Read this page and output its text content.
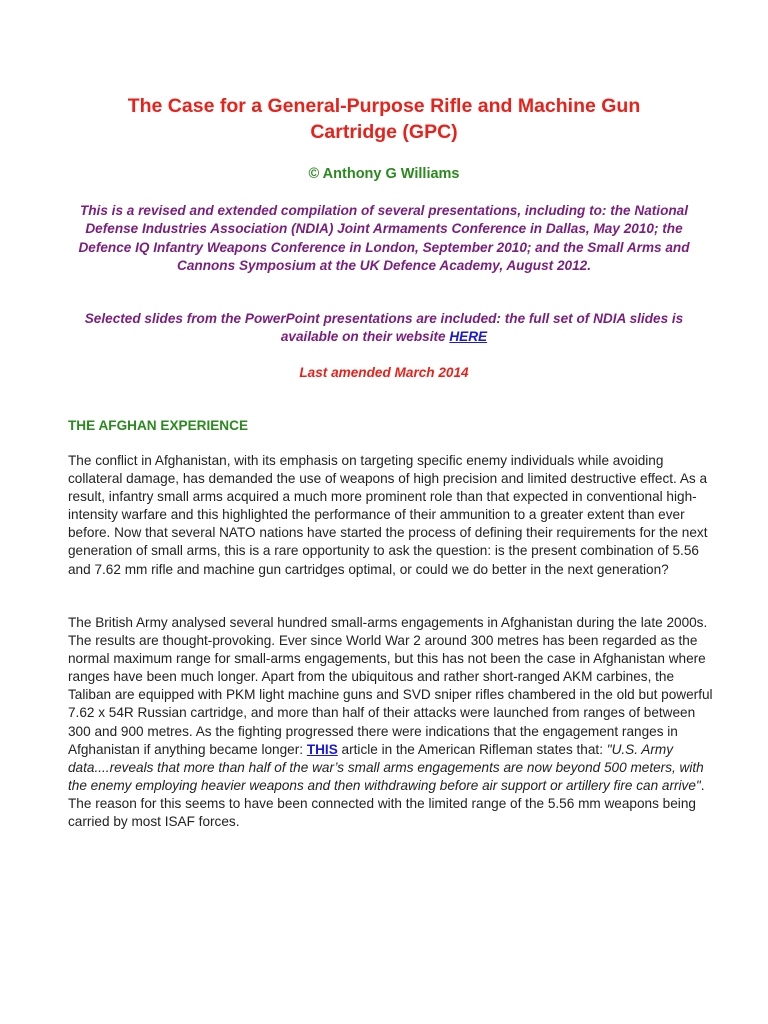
The Case for a General-Purpose Rifle and Machine Gun
Cartridge (GPC)
© Anthony G Williams

This is a revised and extended compilation of several presentations, including to: the National Defense Industries Association (NDIA) Joint Armaments Conference in Dallas, May 2010; the Defence IQ Infantry Weapons Conference in London, September 2010; and the Small Arms and Cannons Symposium at the UK Defence Academy, August 2012.

Selected slides from the PowerPoint presentations are included: the full set of NDIA slides is available on their website HERE

Last amended March 2014
THE AFGHAN EXPERIENCE

The conflict in Afghanistan, with its emphasis on targeting specific enemy individuals while avoiding collateral damage, has demanded the use of weapons of high precision and limited destructive effect. As a result, infantry small arms acquired a much more prominent role than that expected in conventional high-intensity warfare and this highlighted the performance of their ammunition to a greater extent than ever before. Now that several NATO nations have started the process of defining their requirements for the next generation of small arms, this is a rare opportunity to ask the question: is the present combination of 5.56 and 7.62 mm rifle and machine gun cartridges optimal, or could we do better in the next generation?

The British Army analysed several hundred small-arms engagements in Afghanistan during the late 2000s. The results are thought-provoking. Ever since World War 2 around 300 metres has been regarded as the normal maximum range for small-arms engagements, but this has not been the case in Afghanistan where ranges have been much longer. Apart from the ubiquitous and rather short-ranged AKM carbines, the Taliban are equipped with PKM light machine guns and SVD sniper rifles chambered in the old but powerful 7.62 x 54R Russian cartridge, and more than half of their attacks were launched from ranges of between 300 and 900 metres. As the fighting progressed there were indications that the engagement ranges in Afghanistan if anything became longer: THIS article in the American Rifleman states that: "U.S. Army data....reveals that more than half of the war’s small arms engagements are now beyond 500 meters, with the enemy employing heavier weapons and then withdrawing before air support or artillery fire can arrive". The reason for this seems to have been connected with the limited range of the 5.56 mm weapons being carried by most ISAF forces.
